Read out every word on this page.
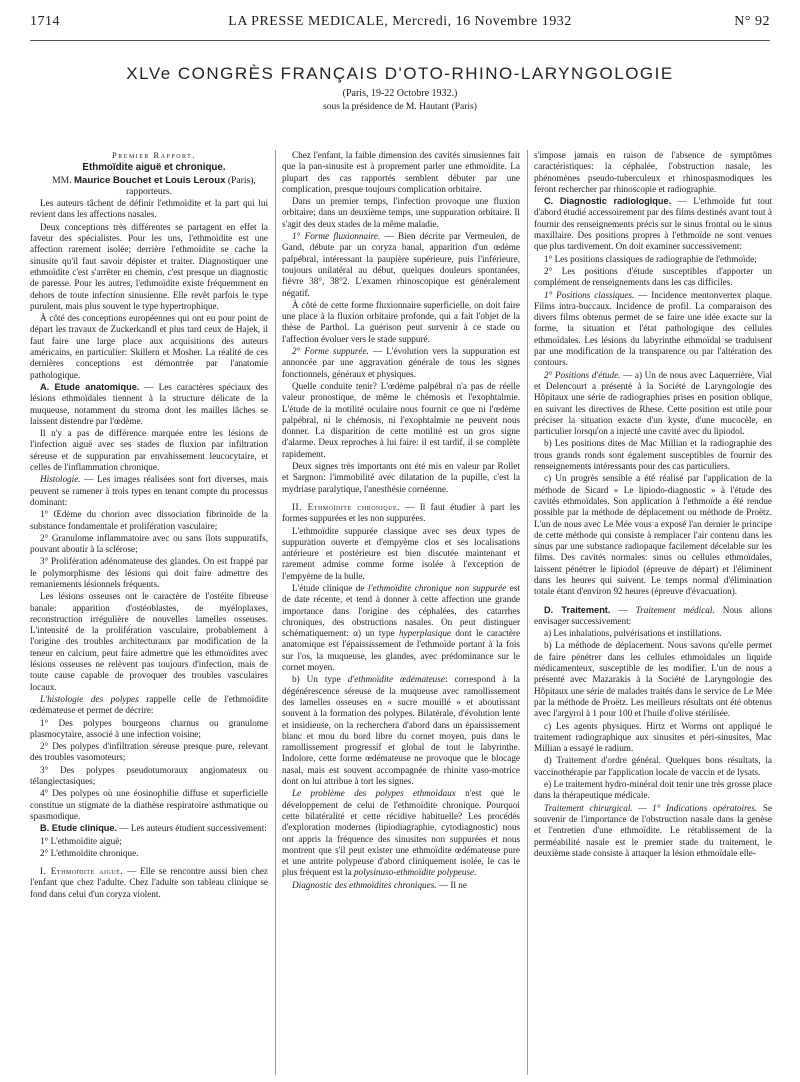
1714	LA PRESSE MEDICALE, Mercredi, 16 Novembre 1932	N° 92
XLVe CONGRÈS FRANÇAIS D'OTO-RHINO-LARYNGOLOGIE
(Paris, 19-22 Octobre 1932.)
sous la présidence de M. Hautant (Paris)

Premier Rapport.

Ethmoïdite aiguë et chronique.

MM. Maurice Bouchet et Louis Leroux (Paris), rapporteurs.

Les auteurs tâchent de définir l'ethmoïdite et la part qui lui revient dans les affections nasales.

Deux conceptions très différentes se partagent en effet la faveur des spécialistes. Pour les uns, l'ethmoïdite est une affection rarement isolée; derrière l'ethmoïdite se cache la sinusite qu'il faut savoir dépister et traiter. Diagnostiquer une ethmoïdite c'est s'arrêter en chemin, c'est presque un diagnostic de paresse. Pour les autres, l'ethmoïdite existe fréquemment en dehors de toute infection sinusienne. Elle revêt parfois le type purulent, mais plus souvent le type hypertrophique.

À côté des conceptions européennes qui ont eu pour point de départ les travaux de Zuckerkandl et plus tard ceux de Hajek, il faut faire une large place aux acquisitions des auteurs américains, en particulier: Skillern et Mosher. La réalité de ces dernières conceptions est démontrée par l'anatomie pathologique.

A. Etude anatomique. — Les caractères spéciaux des lésions ethmoïdales tiennent à la structure délicate de la muqueuse, notamment du stroma dont les mailles lâches se laissent distendre par l'œdème.

Il n'y a pas de différence marquée entre les lésions de l'infection aiguë avec ses stades de fluxion par infiltration séreuse et de suppuration par envahissement leucocytaire, et celles de l'inflammation chronique.

Histologie. — Les images réalisées sont fort diverses, mais peuvent se ramener à trois types en tenant compte du processus dominant:

1° Œdème du chorion avec dissociation fibrinoïde de la substance fondamentale et prolifération vasculaire;

2° Granulome inflammatoire avec ou sans îlots suppuratifs, pouvant aboutir à la sclérose;

3° Prolifération adénomateuse des glandes. On est frappé par le polymorphisme des lésions qui doit faire admettre des remaniements lésionnels fréquents.

Les lésions osseuses ont le caractère de l'ostéite fibreuse banale: apparition d'ostéoblastes, de myéloplaxes, reconstruction irrégulière de nouvelles lamelles osseuses. L'intensité de la prolifération vasculaire, probablement à l'origine des troubles architecturaux par modification de la teneur en calcium, peut faire admettre que les ethmoïdites avec lésions osseuses ne relèvent pas toujours d'infection, mais de toute cause capable de provoquer des troubles vasculaires locaux.

L'histologie des polypes rappelle celle de l'ethmoïdite œdémateuse et permet de décrire:

1° Des polypes bourgeons charnus ou granulome plasmocytaire, associé à une infection voisine;

2° Des polypes d'infiltration séreuse presque pure, relevant des troubles vasomoteurs;

3° Des polypes pseudotumoraux angiomateux ou télangiectasiques;

4° Des polypes où une éosinophilie diffuse et superficielle constitue un stigmate de la diathèse respiratoire asthmatique ou spasmodique.

B. Etude clinique. — Les auteurs étudient successivement:

1° L'ethmoïdite aiguë;

2° L'ethmoïdite chronique.

I. Ethmoïdite aiguë. — Elle se rencontre aussi bien chez l'enfant que chez l'adulte. Chez l'adulte son tableau clinique se fond dans celui d'un coryza violent.

Chez l'enfant, la faible dimension des cavités sinusiennes fait que la pan-sinusite est à proprement parler une ethmoïdite. La plupart des cas rapportés semblent débuter par une complication, presque toujours complication orbitaire.

Dans un premier temps, l'infection provoque une fluxion orbitaire; dans un deuxième temps, une suppuration orbitaire. Il s'agit des deux stades de la même maladie.

1° Forme fluxionnaire. — Bien décrite par Vermeulen, de Gand, débute par un coryza banal, apparition d'un œdème palpébral, intéressant la paupière supérieure, puis l'inférieure, toujours unilatéral au début, quelques douleurs spontanées, fièvre 38°, 38°2. L'examen rhinoscopique est généralement négatif.

À côté de cette forme fluxionnaire superficielle, on doit faire une place à la fluxion orbitaire profonde, qui a fait l'objet de la thèse de Parthol. La guérison peut survenir à ce stade ou l'affection évoluer vers le stade suppuré.

2° Forme suppurée. — L'évolution vers la suppuration est annoncée par une aggravation générale de tous les signes fonctionnels, généraux et physiques.

Quelle conduite tenir? L'œdème palpébral n'a pas de réelle valeur pronostique, de même le chémosis et l'exophtalmie. L'étude de la motilité oculaire nous fournit ce que ni l'œdème palpébral, ni le chémosis, ni l'exophtalmie ne peuvent nous donner. La disparition de cette motilité est un gros signe d'alarme. Deux reproches à lui faire: il est tardif, il se complète rapidement.

Deux signes très importants ont été mis en valeur par Rollet et Sargnon: l'immobilité avec dilatation de la pupille, c'est la mydriase paralytique, l'anesthésie cornéenne.

II. Ethmoïdite chronique. — Il faut étudier à part les formes suppurées et les non suppurées.

L'ethmoïdite suppurée classique avec ses deux types de suppuration ouverte et d'empyème clos et ses localisations antérieure et postérieure est bien discutée maintenant et rarement admise comme forme isolée à l'exception de l'empyème de la bulle.

L'étude clinique de l'ethmoïdite chronique non suppurée est de date récente, et tend à donner à cette affection une grande importance dans l'origine des céphalées, des catarrhes chroniques, des obstructions nasales. On peut distinguer schématiquement: α) un type hyperplasique dont le caractère anatomique est l'épaississement de l'ethmoïde portant à la fois sur l'os, la muqueuse, les glandes, avec prédominance sur le cornet moyen.

b) Un type d'ethmoïdite œdémateuse: correspond à la dégénérescence séreuse de la muqueuse avec ramollissement des lamelles osseuses en « sucre mouillé » et aboutissant souvent à la formation des polypes. Bilatérale, d'évolution lente et insidieuse, on la recherchera d'abord dans un épaississement blanc et mou du bord libre du cornet moyen, puis dans le ramollissement progressif et global de tout le labyrinthe. Indolore, cette forme œdémateuse ne provoque que le blocage nasal, mais est souvent accompagnée de rhinite vaso-motrice dont on lui attribue à tort les signes.

Le problème des polypes ethmoïdaux n'est que le développement de celui de l'ethmoïdite chronique. Pourquoi cette bilatéralité et cette récidive habituelle? Les procédés d'exploration modernes (lipiodiagraphie, cytodiagnostic) nous ont appris la fréquence des sinusites non suppurées et nous montrent que s'il peut exister une ethmoïdite œdémateuse pure et une antrite polypeuse d'abord cliniquement isolée, le cas le plus fréquent est la polysinuso-ethmoïdite polypeuse.

Diagnostic des ethmoïdites chroniques. — Il ne

s'impose jamais en raison de l'absence de symptômes caractéristiques: la céphalée, l'obstruction nasale, les phénomènes pseudo-tuberculeux et rhinospasmodiques les feront rechercher par rhinoscopie et radiographie.

C. Diagnostic radiologique. — L'ethmoïde fut tout d'abord étudié accessoirement par des films destinés avant tout à fournir des renseignements précis sur le sinus frontal ou le sinus maxillaire. Des positions propres à l'ethmoïde ne sont venues que plus tardivement. On doit examiner successivement:

1° Les positions classiques de radiographie de l'ethmoïde;

2° Les positions d'étude susceptibles d'apporter un complément de renseignements dans les cas difficiles.

1° Positions classiques. — Incidence mentonvertex plaque. Films intra-buccaux. Incidence de profil. La comparaison des divers films obtenus permet de se faire une idée exacte sur la forme, la situation et l'état pathologique des cellules ethmoïdales. Les lésions du labyrinthe ethmoïdal se traduisent par une modification de la transparence ou par l'altération des contours.

2° Positions d'étude. — a) Un de nous avec Laquerrière, Vial et Delencourt a présenté à la Société de Laryngologie des Hôpitaux une série de radiographies prises en position oblique, en suivant les directives de Rhese. Cette position est utile pour préciser la situation exacte d'un kyste, d'une mucocèle, en particulier lorsqu'on a injecté une cavité avec du lipiodol.

b) Les positions dites de Mac Millian et la radiographie des trous grands ronds sont également susceptibles de fournir des renseignements intéressants pour des cas particuliers.

c) Un progrès sensible a été réalisé par l'application de la méthode de Sicard « Le lipiodo-diagnostic » à l'étude des cavités ethmoïdales. Son application à l'ethmoïde a été rendue possible par la méthode de déplacement ou méthode de Proëtz. L'un de nous avec Le Mée vous a exposé l'an dernier le principe de cette méthode qui consiste à remplacer l'air contenu dans les sinus par une substance radiopaque facilement décelable sur les films. Des cavités normales: sinus ou cellules ethmoïdales, laissent pénétrer le lipiodol (épreuve de départ) et l'éliminent dans les heures qui suivent. Le temps normal d'élimination totale étant d'environ 92 heures (épreuve d'évacuation).

D. Traitement. — Traitement médical. Nous allons envisager successivement:

a) Les inhalations, pulvérisations et instillations.

b) La méthode de déplacement. Nous savons qu'elle permet de faire pénétrer dans les cellules ethmoïdales un liquide médicamenteux, susceptible de les modifier. L'un de nous a présenté avec Mazarakis à la Société de Laryngologie des Hôpitaux une série de malades traités dans le service de Le Mée par la méthode de Proëtz. Les meilleurs résultats ont été obtenus avec l'argyrol à 1 pour 100 et l'huile d'olive stérilisée.

c) Les agents physiques. Hirtz et Worms ont appliqué le traitement radiographique aux sinusites et péri-sinusites, Mac Millian a essayé le radium.

d) Traitement d'ordre général. Quelques bons résultats, la vaccinothérapie par l'application locale de vaccin et de lysats.

e) Le traitement hydro-minéral doit tenir une très grosse place dans la thérapeutique médicale.

Traitement chirurgical. — 1° Indications opératoires. Se souvenir de l'importance de l'obstruction nasale dans la genèse et l'entretien d'une ethmoïdite. Le rétablissement de la perméabilité nasale est le premier stade du traitement, le deuxième stade consiste à attaquer la lésion ethmoïdale elle-
